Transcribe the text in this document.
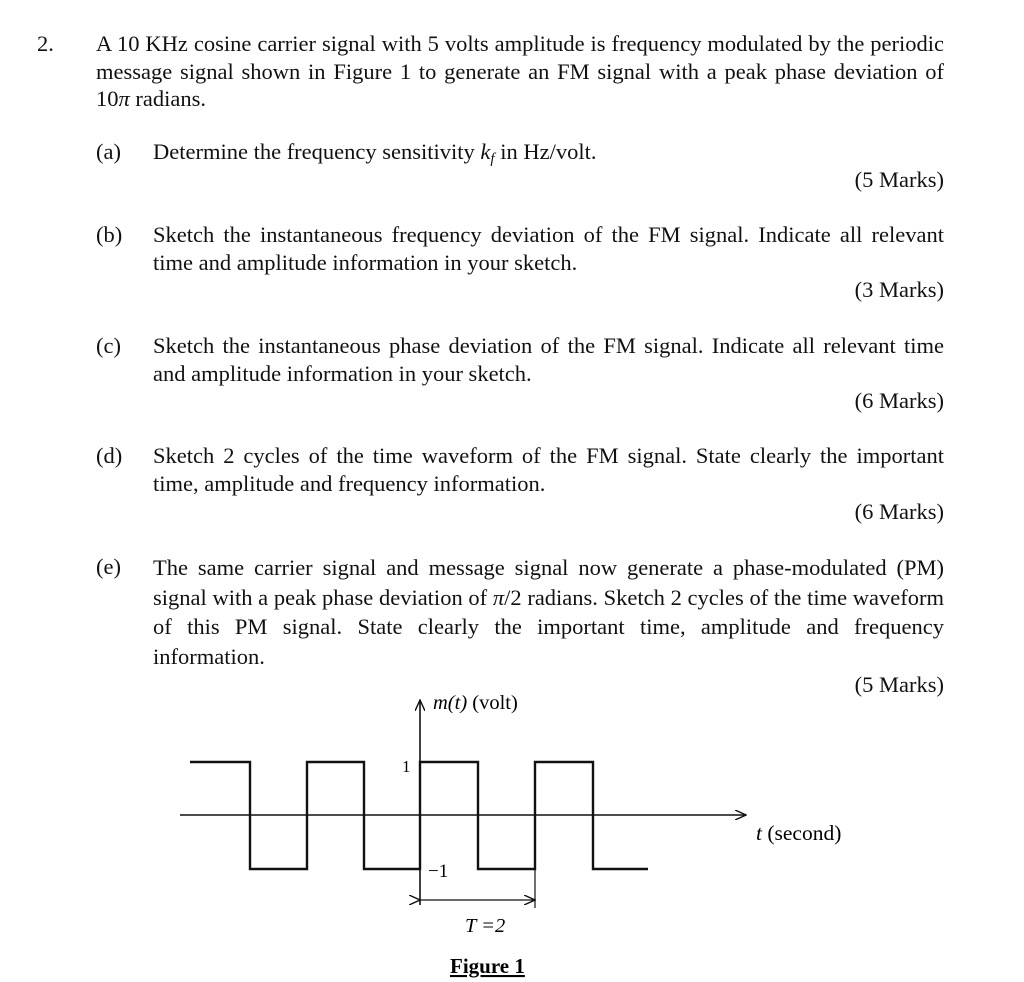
2. A 10 KHz cosine carrier signal with 5 volts amplitude is frequency modulated by the periodic message signal shown in Figure 1 to generate an FM signal with a peak phase deviation of 10π radians.
(a) Determine the frequency sensitivity $k_f$ in Hz/volt.
(5 Marks)
(b) Sketch the instantaneous frequency deviation of the FM signal. Indicate all relevant time and amplitude information in your sketch.
(3 Marks)
(c) Sketch the instantaneous phase deviation of the FM signal. Indicate all relevant time and amplitude information in your sketch.
(6 Marks)
(d) Sketch 2 cycles of the time waveform of the FM signal. State clearly the important time, amplitude and frequency information.
(6 Marks)
(e) The same carrier signal and message signal now generate a phase-modulated (PM) signal with a peak phase deviation of π/2 radians. Sketch 2 cycles of the time waveform of this PM signal. State clearly the important time, amplitude and frequency information.
(5 Marks)
m(t) (volt)
1
−1
t (second)
T =2
Figure 1
